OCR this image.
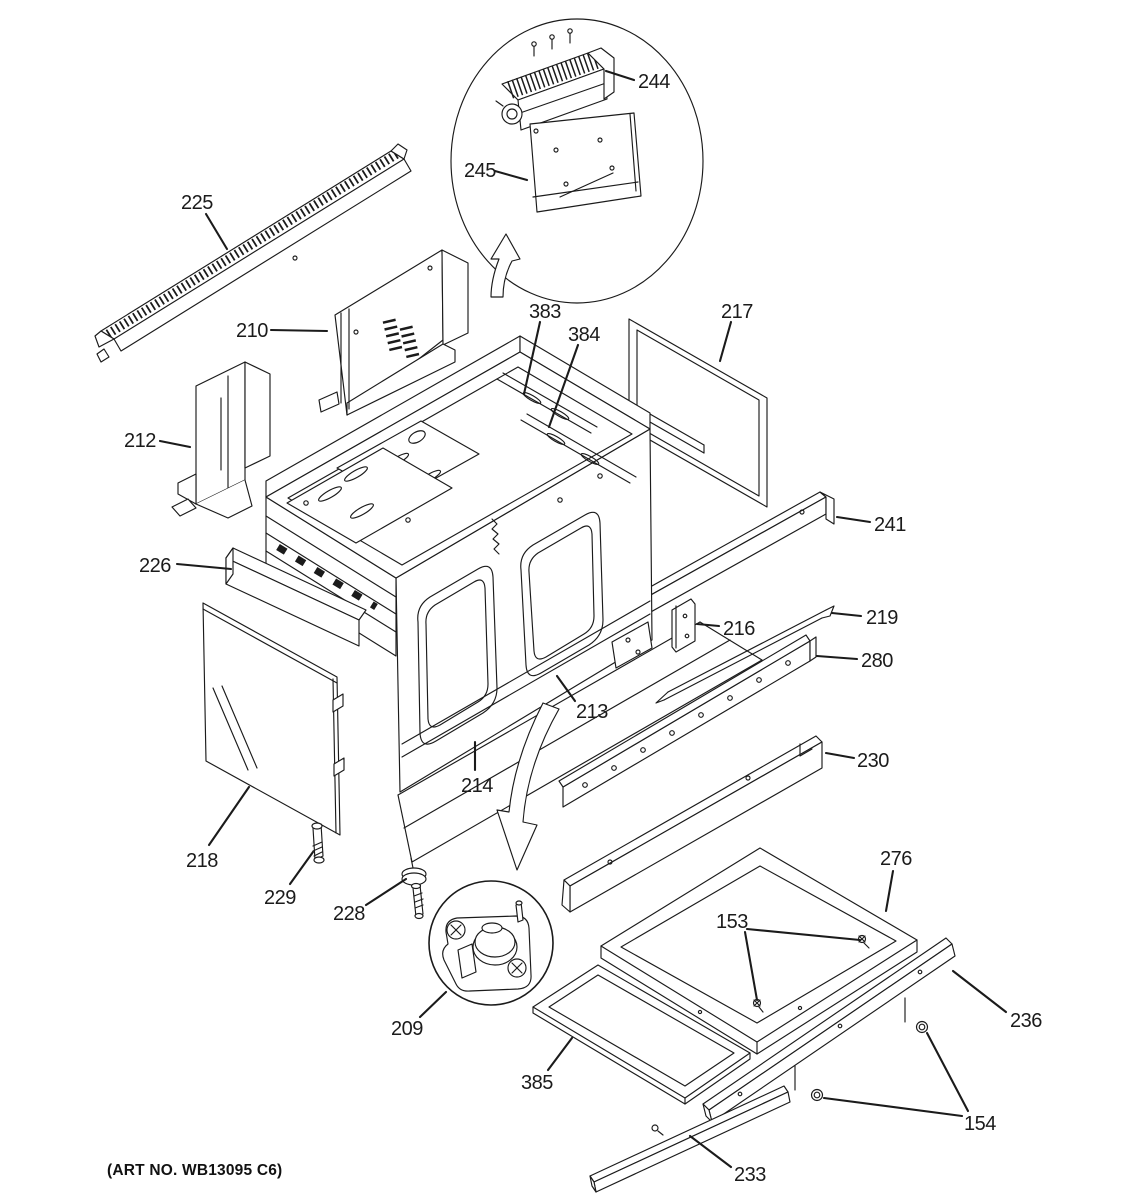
225
210
212
226
218
229
228
209
213
214
383
384
217
241
219
280
216
230
276
153
385
236
154
233
244
245
(ART NO. WB13095 C6)
